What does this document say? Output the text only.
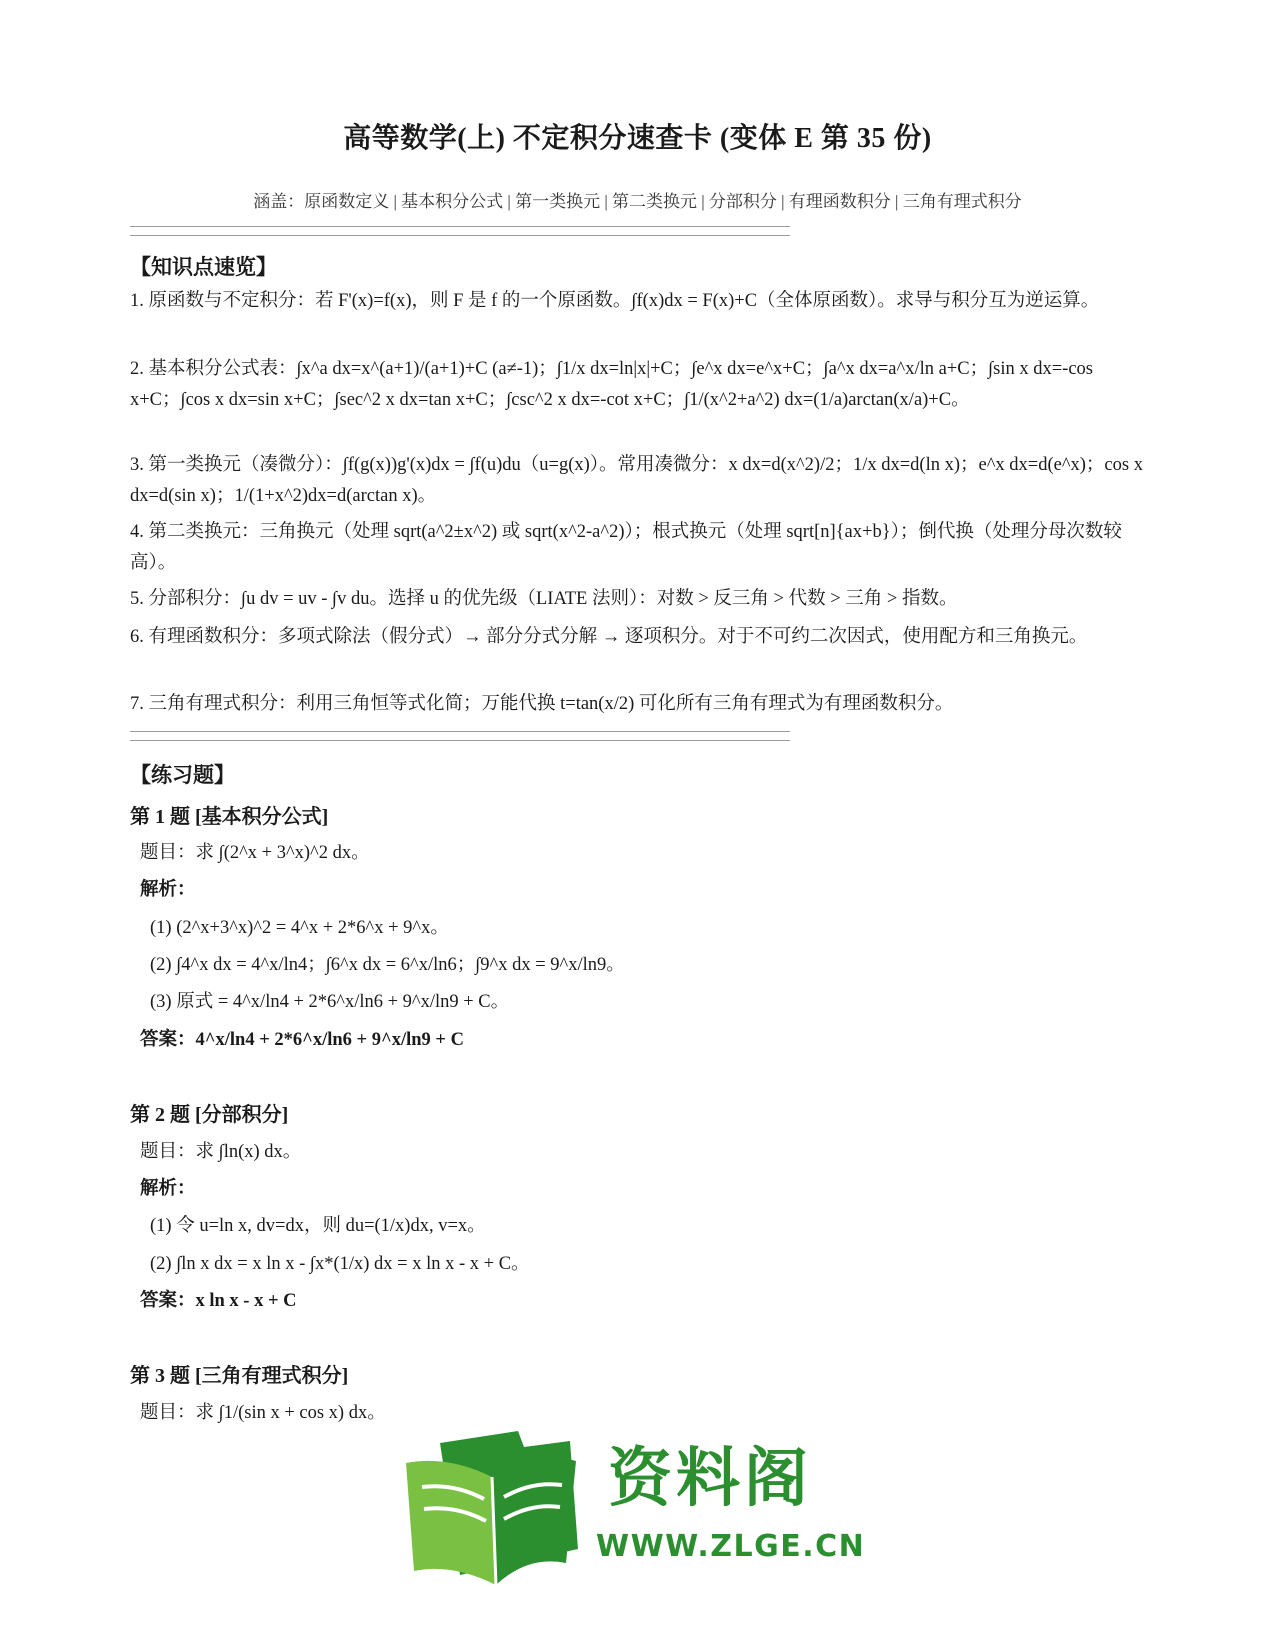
高等数学(上) 不定积分速查卡 (变体 E 第 35 份)
涵盖：原函数定义 | 基本积分公式 | 第一类换元 | 第二类换元 | 分部积分 | 有理函数积分 | 三角有理式积分
【知识点速览】
1. 原函数与不定积分：若 F'(x)=f(x)，则 F 是 f 的一个原函数。∫f(x)dx = F(x)+C（全体原函数）。求导与积分互为逆运算。
2. 基本积分公式表：∫x^a dx=x^(a+1)/(a+1)+C (a≠-1)；∫1/x dx=ln|x|+C；∫e^x dx=e^x+C；∫a^x dx=a^x/ln a+C；∫sin x dx=-cos x+C；∫cos x dx=sin x+C；∫sec^2 x dx=tan x+C；∫csc^2 x dx=-cot x+C；∫1/(x^2+a^2) dx=(1/a)arctan(x/a)+C。
3. 第一类换元（凑微分）：∫f(g(x))g'(x)dx = ∫f(u)du（u=g(x)）。常用凑微分：x dx=d(x^2)/2；1/x dx=d(ln x)；e^x dx=d(e^x)；cos x dx=d(sin x)；1/(1+x^2)dx=d(arctan x)。
4. 第二类换元：三角换元（处理 sqrt(a^2±x^2) 或 sqrt(x^2-a^2)）；根式换元（处理 sqrt[n]{ax+b}）；倒代换（处理分母次数较高）。
5. 分部积分：∫u dv = uv - ∫v du。选择 u 的优先级（LIATE 法则）：对数 > 反三角 > 代数 > 三角 > 指数。
6. 有理函数积分：多项式除法（假分式）→ 部分分式分解 → 逐项积分。对于不可约二次因式，使用配方和三角换元。
7. 三角有理式积分：利用三角恒等式化简；万能代换 t=tan(x/2) 可化所有三角有理式为有理函数积分。
【练习题】
第 1 题 [基本积分公式]
题目：求 ∫(2^x + 3^x)^2 dx。
解析：
(1) (2^x+3^x)^2 = 4^x + 2*6^x + 9^x。
(2) ∫4^x dx = 4^x/ln4；∫6^x dx = 6^x/ln6；∫9^x dx = 9^x/ln9。
(3) 原式 = 4^x/ln4 + 2*6^x/ln6 + 9^x/ln9 + C。
答案：4^x/ln4 + 2*6^x/ln6 + 9^x/ln9 + C
第 2 题 [分部积分]
题目：求 ∫ln(x) dx。
解析：
(1) 令 u=ln x, dv=dx，则 du=(1/x)dx, v=x。
(2) ∫ln x dx = x ln x - ∫x*(1/x) dx = x ln x - x + C。
答案：x ln x - x + C
第 3 题 [三角有理式积分]
题目：求 ∫1/(sin x + cos x) dx。
资料阁
WWW.ZLGE.CN
